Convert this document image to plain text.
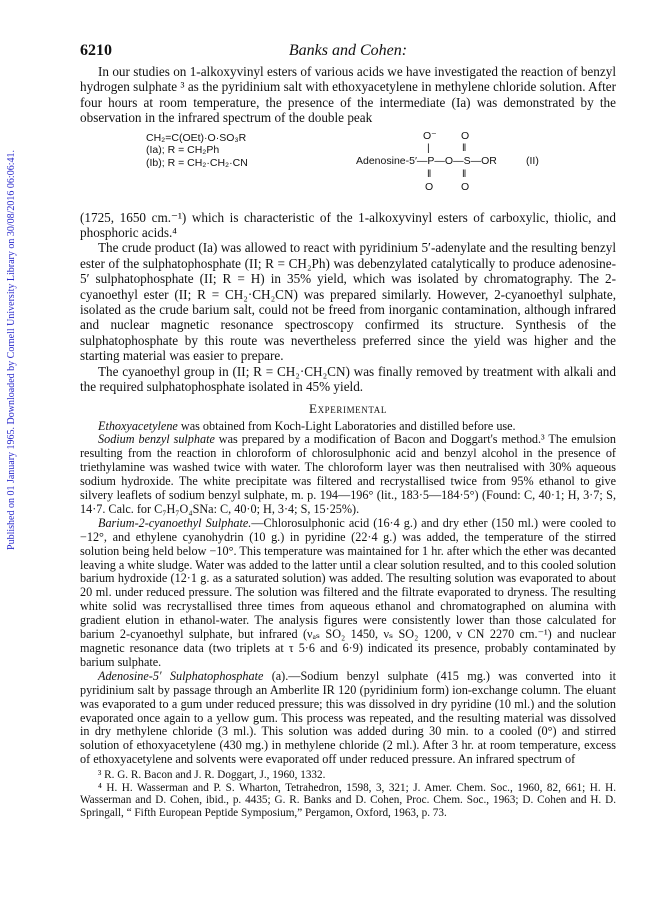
Published on 01 January 1965. Downloaded by Cornell University Library on 30/08/2016 06:06:41.
6210	Banks and Cohen:

In our studies on 1-alkoxyvinyl esters of various acids we have investigated the reaction of benzyl hydrogen sulphate ³ as the pyridinium salt with ethoxyacetylene in methylene chloride solution. After four hours at room temperature, the presence of the intermediate (Ia) was demonstrated by the observation in the infrared spectrum of the double peak

CH₂=C(OEt)·O·SO₃R
(Ia); R = CH₂Ph
(Ib); R = CH₂·CH₂·CN
O⁻ O
|	‖
Adenosine-5′—P—O—S—OR	(II)
‖	‖
O	O

(1725, 1650 cm.⁻¹) which is characteristic of the 1-alkoxyvinyl esters of carboxylic, thiolic, and phosphoric acids.⁴

The crude product (Ia) was allowed to react with pyridinium 5′-adenylate and the resulting benzyl ester of the sulphatophosphate (II; R = CH₂Ph) was debenzylated catalytically to produce adenosine-5′ sulphatophosphate (II; R = H) in 35% yield, which was isolated by chromatography. The 2-cyanoethyl ester (II; R = CH₂·CH₂CN) was prepared similarly. However, 2-cyanoethyl sulphate, isolated as the crude barium salt, could not be freed from inorganic contamination, although infrared and nuclear magnetic resonance spectroscopy confirmed its structure. Synthesis of the sulphatophosphate by this route was nevertheless preferred since the yield was higher and the starting material was easier to prepare.

The cyanoethyl group in (II; R = CH₂·CH₂CN) was finally removed by treatment with alkali and the required sulphatophosphate isolated in 45% yield.

Experimental

Ethoxyacetylene was obtained from Koch-Light Laboratories and distilled before use.

Sodium benzyl sulphate was prepared by a modification of Bacon and Doggart's method.³ The emulsion resulting from the reaction in chloroform of chlorosulphonic acid and benzyl alcohol in the presence of triethylamine was washed twice with water. The chloroform layer was then neutralised with 30% aqueous sodium hydroxide. The white precipitate was filtered and recrystallised twice from 95% ethanol to give silvery leaflets of sodium benzyl sulphate, m. p. 194—196° (lit., 183·5—184·5°) (Found: C, 40·1; H, 3·7; S, 14·7. Calc. for C₇H₇O₄SNa: C, 40·0; H, 3·4; S, 15·25%).

Barium-2-cyanoethyl Sulphate.—Chlorosulphonic acid (16·4 g.) and dry ether (150 ml.) were cooled to −12°, and ethylene cyanohydrin (10 g.) in pyridine (22·4 g.) was added, the temperature of the stirred solution being held below −10°. This temperature was maintained for 1 hr. after which the ether was decanted leaving a white sludge. Water was added to the latter until a clear solution resulted, and to this cooled solution barium hydroxide (12·1 g. as a saturated solution) was added. The resulting solution was evaporated to about 20 ml. under reduced pressure. The solution was filtered and the filtrate evaporated to dryness. The resulting white solid was recrystallised three times from aqueous ethanol and chromatographed on alumina with gradient elution in ethanol-water. The analysis figures were consistently lower than those calculated for barium 2-cyanoethyl sulphate, but infrared (νₐₛ SO₂ 1450, νₛ SO₂ 1200, ν CN 2270 cm.⁻¹) and nuclear magnetic resonance data (two triplets at τ 5·6 and 6·9) indicated its presence, probably contaminated by barium sulphate.

Adenosine-5′ Sulphatophosphate (a).—Sodium benzyl sulphate (415 mg.) was converted into it pyridinium salt by passage through an Amberlite IR 120 (pyridinium form) ion-exchange column. The eluant was evaporated to a gum under reduced pressure; this was dissolved in dry pyridine (10 ml.) and the solution evaporated once again to a yellow gum. This process was repeated, and the resulting material was dissolved in dry methylene chloride (3 ml.). This solution was added during 30 min. to a cooled (0°) and stirred solution of ethoxyacetylene (430 mg.) in methylene chloride (2 ml.). After 3 hr. at room temperature, excess of ethoxyacetylene and solvents were evaporated off under reduced pressure. An infrared spectrum of

³ R. G. R. Bacon and J. R. Doggart, J., 1960, 1332.

⁴ H. H. Wasserman and P. S. Wharton, Tetrahedron, 1598, 3, 321; J. Amer. Chem. Soc., 1960, 82, 661; H. H. Wasserman and D. Cohen, ibid., p. 4435; G. R. Banks and D. Cohen, Proc. Chem. Soc., 1963; D. Cohen and H. D. Springall, “ Fifth European Peptide Symposium,” Pergamon, Oxford, 1963, p. 73.
